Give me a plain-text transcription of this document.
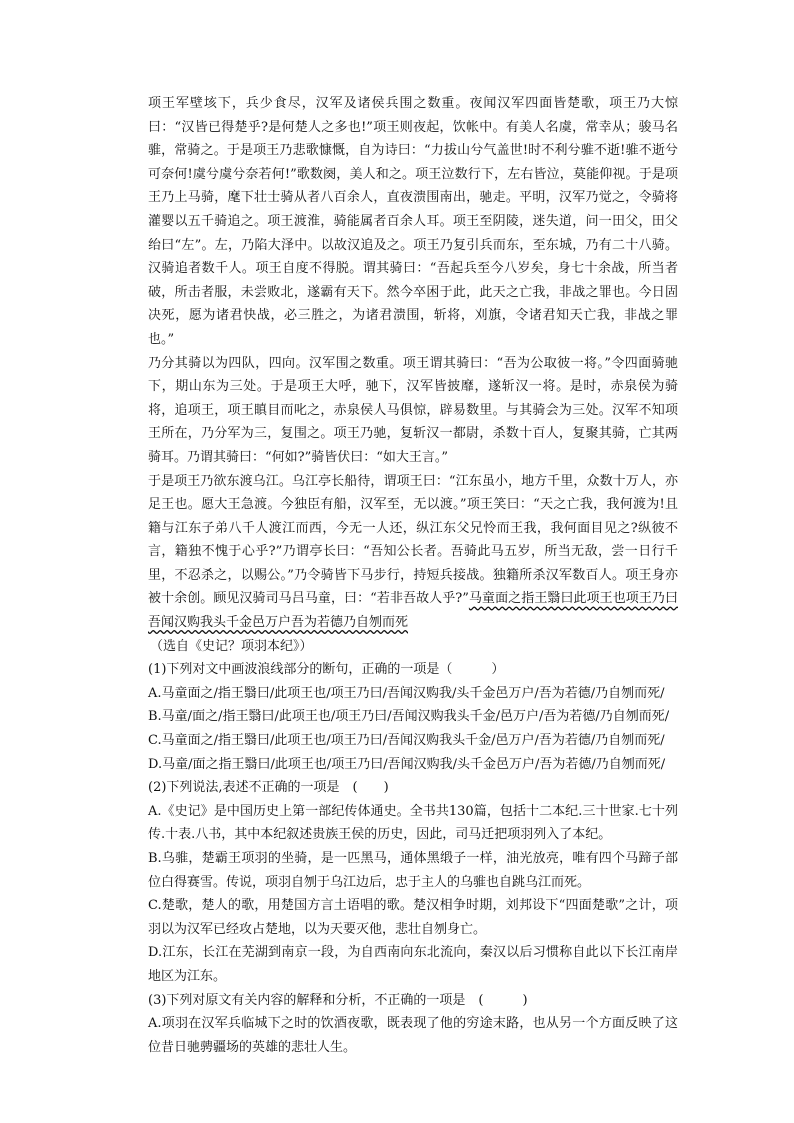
项王军壁垓下，兵少食尽，汉军及诸侯兵围之数重。夜闻汉军四面皆楚歌，项王乃大惊曰：“汉皆已得楚乎?是何楚人之多也!”项王则夜起，饮帐中。有美人名虞，常幸从；骏马名骓，常骑之。于是项王乃悲歌慷慨，自为诗曰：“力拔山兮气盖世!时不利兮骓不逝!骓不逝兮可奈何!虞兮虞兮奈若何!”歌数阕，美人和之。项王泣数行下，左右皆泣，莫能仰视。于是项王乃上马骑，麾下壮士骑从者八百余人，直夜溃围南出，驰走。平明，汉军乃觉之，令骑将灌婴以五千骑追之。项王渡淮，骑能属者百余人耳。项王至阴陵，迷失道，问一田父，田父绐曰“左”。左，乃陷大泽中。以故汉追及之。项王乃复引兵而东，至东城，乃有二十八骑。汉骑追者数千人。项王自度不得脱。谓其骑曰：“吾起兵至今八岁矣，身七十余战，所当者破，所击者服，未尝败北，遂霸有天下。然今卒困于此，此天之亡我，非战之罪也。今日固决死，愿为诸君快战，必三胜之，为诸君溃围，斩将，刈旗，令诸君知天亡我，非战之罪也。”

乃分其骑以为四队，四向。汉军围之数重。项王谓其骑曰：“吾为公取彼一将。”令四面骑驰下，期山东为三处。于是项王大呼，驰下，汉军皆披靡，遂斩汉一将。是时，赤泉侯为骑将，追项王，项王瞋目而叱之，赤泉侯人马俱惊，辟易数里。与其骑会为三处。汉军不知项王所在，乃分军为三，复围之。项王乃驰，复斩汉一都尉，杀数十百人，复聚其骑，亡其两骑耳。乃谓其骑曰：“何如?”骑皆伏曰：“如大王言。”

于是项王乃欲东渡乌江。乌江亭长船待，谓项王曰：“江东虽小，地方千里，众数十万人，亦足王也。愿大王急渡。今独臣有船，汉军至，无以渡。”项王笑曰：“天之亡我，我何渡为!且籍与江东子弟八千人渡江而西，今无一人还，纵江东父兄怜而王我，我何面目见之?纵彼不言，籍独不愧于心乎?”乃谓亭长曰：“吾知公长者。吾骑此马五岁，所当无敌，尝一日行千里，不忍杀之，以赐公。”乃令骑皆下马步行，持短兵接战。独籍所杀汉军数百人。项王身亦被十余创。顾见汉骑司马吕马童，曰：“若非吾故人乎?”马童面之指王翳曰此项王也项王乃曰吾闻汉购我头千金邑万户吾为若德乃自刎而死

（选自《史记？项羽本纪》）

(1)下列对文中画波浪线部分的断句，正确的一项是（　　　）

A.马童面之/指王翳曰/此项王也/项王乃曰/吾闻汉购我/头千金邑万户/吾为若德/乃自刎而死/

B.马童/面之/指王翳曰/此项王也/项王乃曰/吾闻汉购我头千金/邑万户/吾为若德/乃自刎而死/

C.马童面之/指王翳曰/此项王也/项王乃曰/吾闻汉购我头千金/邑万户/吾为若德/乃自刎而死/

D.马童/面之指王翳曰/此项王也/项王乃曰/吾闻汉购我/头千金邑万户/吾为若德/乃自刎而死/

(2)下列说法,表述不正确的一项是　(　　)

A.《史记》是中国历史上第一部纪传体通史。全书共130篇，包括十二本纪.三十世家.七十列传.十表.八书，其中本纪叙述贵族王侯的历史，因此，司马迁把项羽列入了本纪。

B.乌骓，楚霸王项羽的坐骑，是一匹黑马，通体黑缎子一样，油光放亮，唯有四个马蹄子部位白得赛雪。传说，项羽自刎于乌江边后，忠于主人的乌骓也自跳乌江而死。

C.楚歌，楚人的歌，用楚国方言土语唱的歌。楚汉相争时期，刘邦设下“四面楚歌”之计，项羽以为汉军已经攻占楚地，以为天要灭他，悲壮自刎身亡。

D.江东，长江在芜湖到南京一段，为自西南向东北流向，秦汉以后习惯称自此以下长江南岸地区为江东。

(3)下列对原文有关内容的解释和分析，不正确的一项是　(　　　)

A.项羽在汉军兵临城下之时的饮酒夜歌，既表现了他的穷途末路，也从另一个方面反映了这位昔日驰骋疆场的英雄的悲壮人生。
